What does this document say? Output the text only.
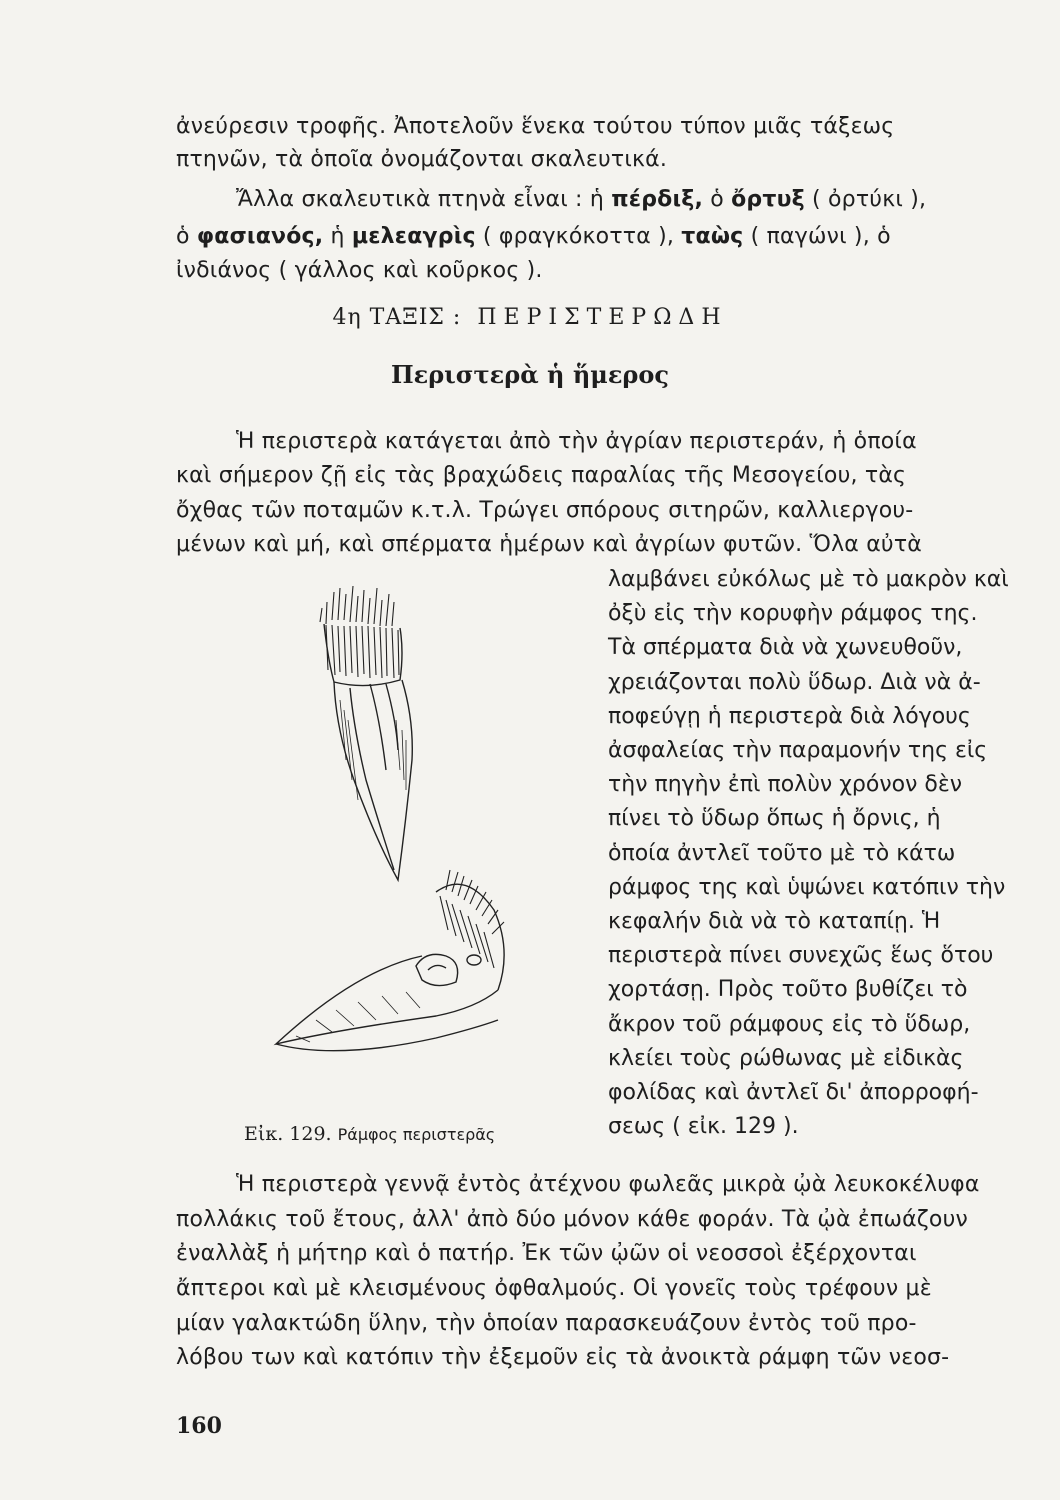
ἀνεύρεσιν τροφῆς. Ἀποτελοῦν ἕνεκα τούτου τύπον μιᾶς τάξεως
πτηνῶν, τὰ ὁποῖα ὀνομάζονται σκαλευτικά.
Ἄλλα σκαλευτικὰ πτηνὰ εἶναι : ἡ πέρδιξ, ὁ ὄρτυξ ( ὀρτύκι ),
ὁ φασιανός, ἡ μελεαγρὶς ( φραγκόκοττα ), ταὼς ( παγώνι ), ὁ
ἰνδιάνος ( γάλλος καὶ κοῦρκος ).
4η ΤΑΞΙΣ : ΠΕΡΙΣΤΕΡΩΔΗ
Περιστερὰ ἡ ἥμερος
Ἡ περιστερὰ κατάγεται ἀπὸ τὴν ἀγρίαν περιστεράν, ἡ ὁποία
καὶ σήμερον ζῇ εἰς τὰς βραχώδεις παραλίας τῆς Μεσογείου, τὰς
ὄχθας τῶν ποταμῶν κ.τ.λ. Τρώγει σπόρους σιτηρῶν, καλλιεργου-
μένων καὶ μή, καὶ σπέρματα ἡμέρων καὶ ἀγρίων φυτῶν. Ὅλα αὐτὰ
λαμβάνει εὐκόλως μὲ τὸ μακρὸν καὶ
ὀξὺ εἰς τὴν κορυφὴν ράμφος της.
Τὰ σπέρματα διὰ νὰ χωνευθοῦν,
χρειάζονται πολὺ ὕδωρ. Διὰ νὰ ἀ-
ποφεύγῃ ἡ περιστερὰ διὰ λόγους
ἀσφαλείας τὴν παραμονήν της εἰς
τὴν πηγὴν ἐπὶ πολὺν χρόνον δὲν
πίνει τὸ ὕδωρ ὅπως ἡ ὄρνις, ἡ
ὁποία ἀντλεῖ τοῦτο μὲ τὸ κάτω
ράμφος της καὶ ὑψώνει κατόπιν τὴν
κεφαλήν διὰ νὰ τὸ καταπίῃ. Ἡ
περιστερὰ πίνει συνεχῶς ἕως ὅτου
χορτάσῃ. Πρὸς τοῦτο βυθίζει τὸ
ἄκρον τοῦ ράμφους εἰς τὸ ὕδωρ,
κλείει τοὺς ρώθωνας μὲ εἰδικὰς
φολίδας καὶ ἀντλεῖ δι' ἀπορροφή-
σεως ( εἰκ. 129 ).
Εἰκ. 129. Ράμφος περιστερᾶς
Ἡ περιστερὰ γεννᾷ ἐντὸς ἀτέχνου φωλεᾶς μικρὰ ᾠὰ λευκοκέλυφα
πολλάκις τοῦ ἔτους, ἀλλ' ἀπὸ δύο μόνον κάθε φοράν. Τὰ ᾠὰ ἐπωάζουν
ἐναλλὰξ ἡ μήτηρ καὶ ὁ πατήρ. Ἐκ τῶν ᾠῶν οἱ νεοσσοὶ ἐξέρχονται
ἄπτεροι καὶ μὲ κλεισμένους ὀφθαλμούς. Οἱ γονεῖς τοὺς τρέφουν μὲ
μίαν γαλακτώδη ὕλην, τὴν ὁποίαν παρασκευάζουν ἐντὸς τοῦ προ-
λόβου των καὶ κατόπιν τὴν ἐξεμοῦν εἰς τὰ ἀνοικτὰ ράμφη τῶν νεοσ-
160
